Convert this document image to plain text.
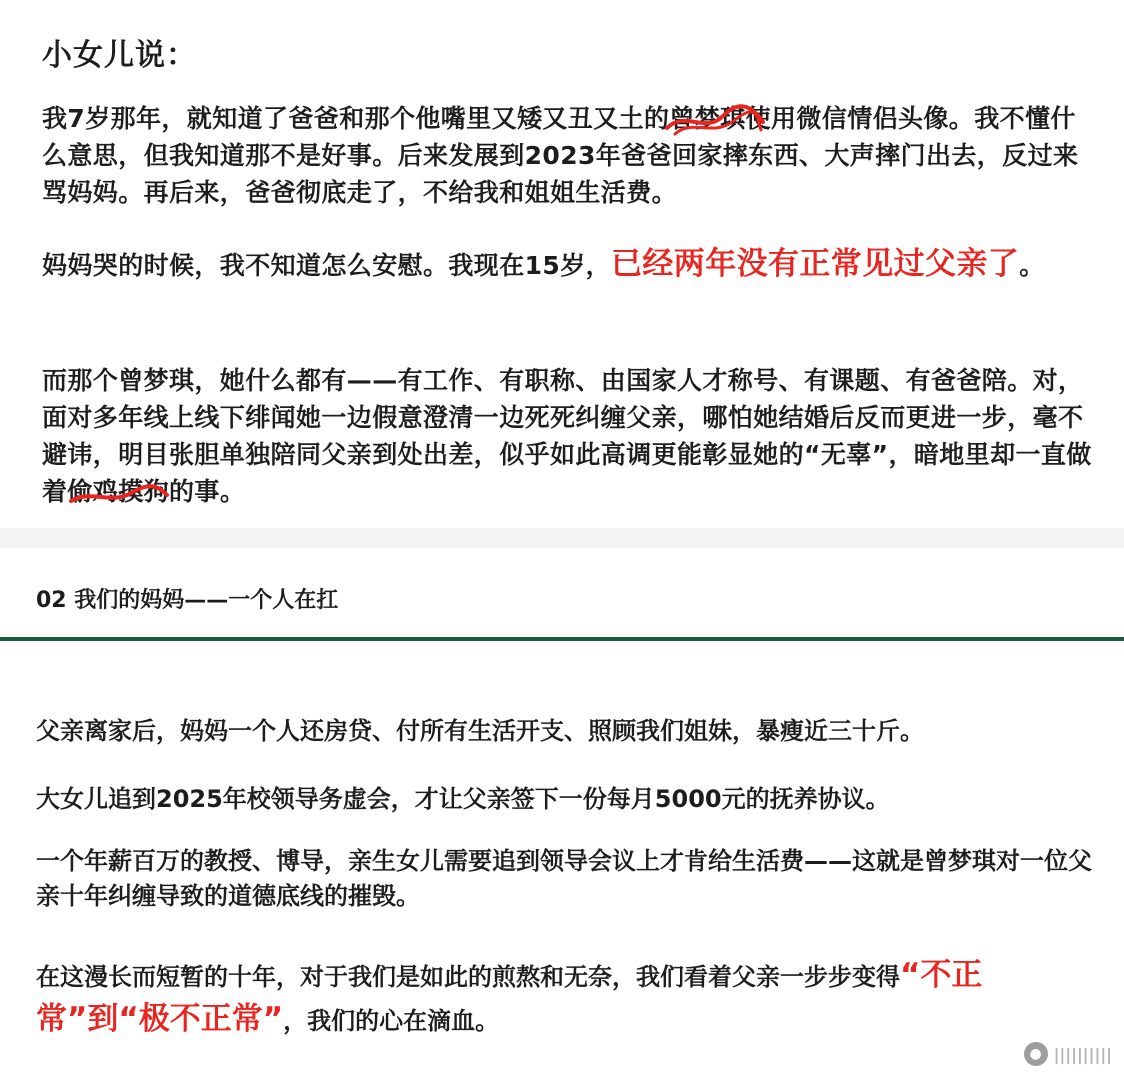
小女儿说：
我7岁那年，就知道了爸爸和那个他嘴里又矮又丑又土的曾梦琪
使用微信情侣头像。我不懂什么意思，但我知道那不是好事。后来发展到2023年爸爸回家摔东西、大声摔门出去，反过来骂妈妈。再后来，爸爸彻底走了，不给我和姐姐生活费。
妈妈哭的时候，我不知道怎么安慰。我现在15岁，已经两年没有正常见过父亲了。
而那个曾梦琪，她什么都有——有工作、有职称、由国家人才称号、有课题、有爸爸陪。对，面对多年线上线下绯闻她一边假意澄清一边死死纠缠父亲，哪怕她结婚后反而更进一步，毫不避讳，明目张胆单独陪同父亲到处出差，似乎如此高调更能彰显她的“无辜”，暗地里却一直做着偷鸡摸狗
的事。
02 我们的妈妈——一个人在扛
父亲离家后，妈妈一个人还房贷、付所有生活开支、照顾我们姐妹，暴瘦近三十斤。
大女儿追到2025年校领导务虚会，才让父亲签下一份每月5000元的抚养协议。
一个年薪百万的教授、博导，亲生女儿需要追到领导会议上才肯给生活费——这就是曾梦琪对一位父亲十年纠缠导致的道德底线的摧毁。
在这漫长而短暂的十年，对于我们是如此的煎熬和无奈，我们看着父亲一步步变得“不正常”到“极不正常”，我们的心在滴血。
● ||||||||||
